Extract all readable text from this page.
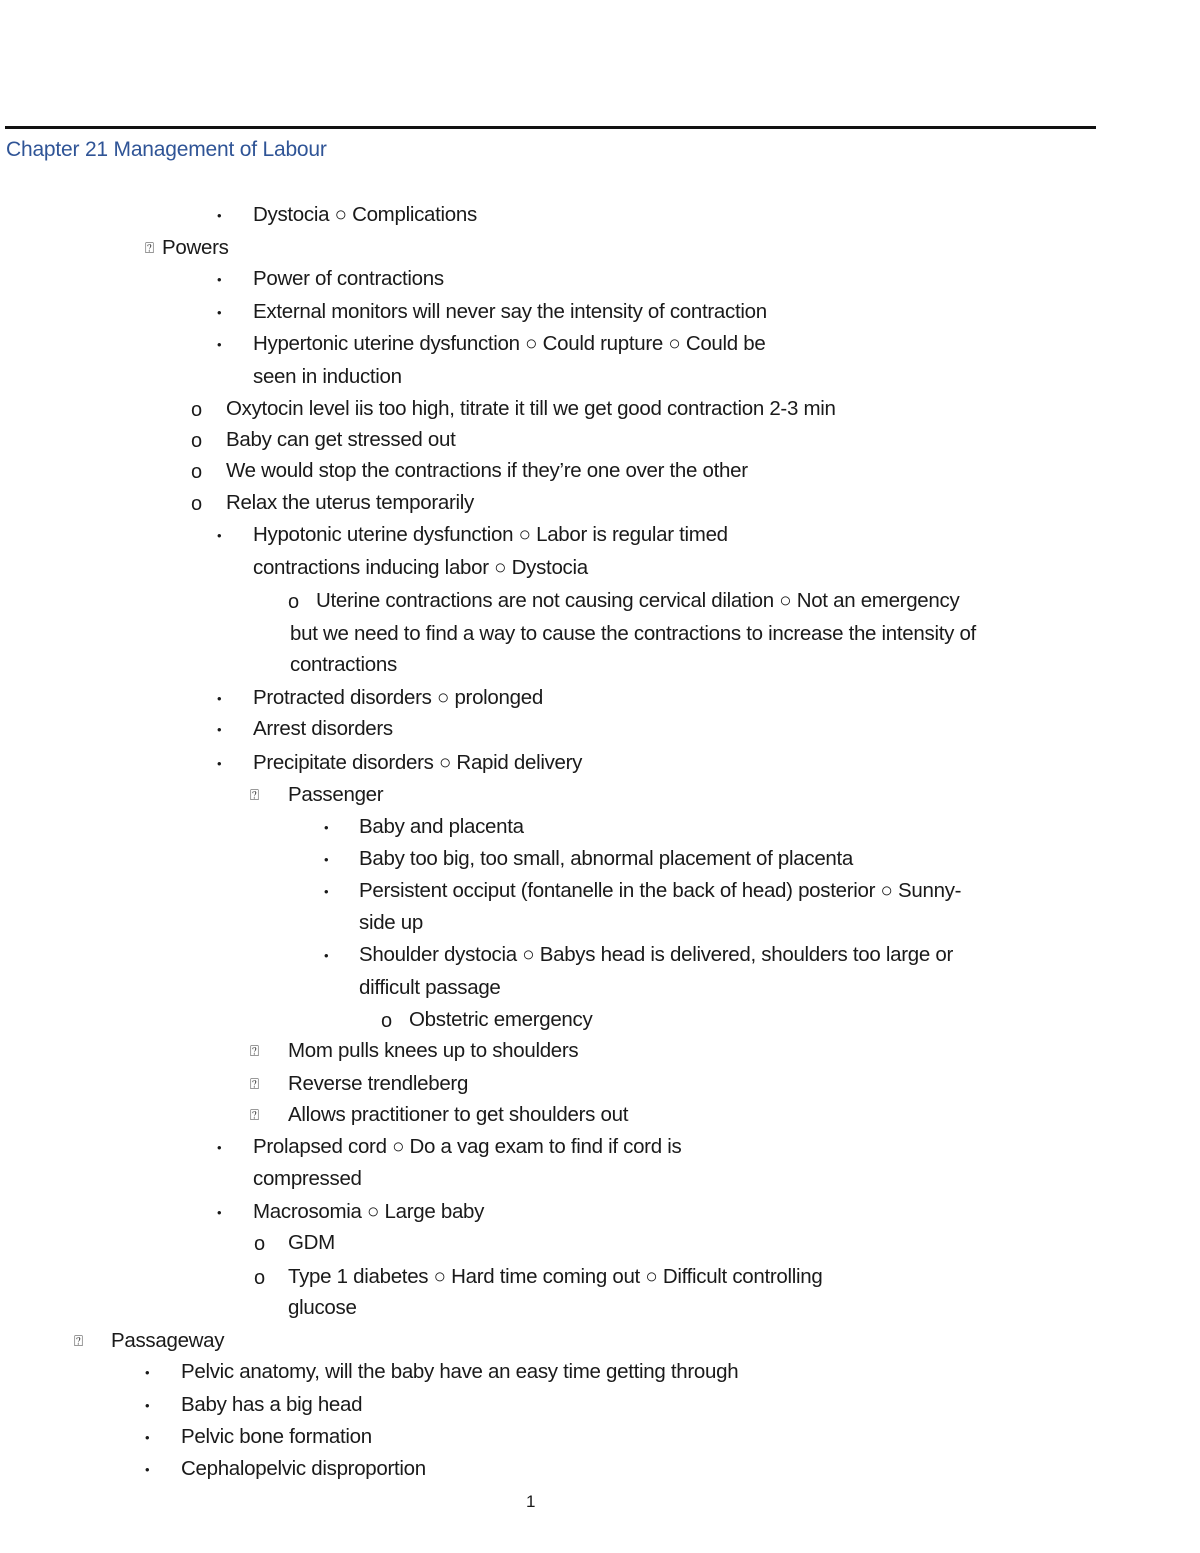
Chapter 21 Management of Labour
•
⍰
•
•
•
o
o
o
o
•
o
•
•
•
⍰
•
•
•
•
o
⍰
⍰
⍰
•
•
o
o
⍰
•
•
•
•
Dystocia ○ Complications
Powers
Power of contractions
External monitors will never say the intensity of contraction
Hypertonic uterine dysfunction ○ Could rupture ○ Could be
seen in induction
Oxytocin level iis too high, titrate it till we get good contraction 2-3 min
Baby can get stressed out
We would stop the contractions if they’re one over the other
Relax the uterus temporarily
Hypotonic uterine dysfunction ○ Labor is regular timed
contractions inducing labor ○ Dystocia
Uterine contractions are not causing cervical dilation ○ Not an emergency
but we need to find a way to cause the contractions to increase the intensity of
contractions
Protracted disorders ○ prolonged
Arrest disorders
Precipitate disorders ○ Rapid delivery
Passenger
Baby and placenta
Baby too big, too small, abnormal placement of placenta
Persistent occiput (fontanelle in the back of head) posterior ○ Sunny-
side up
Shoulder dystocia ○ Babys head is delivered, shoulders too large or
difficult passage
Obstetric emergency
Mom pulls knees up to shoulders
Reverse trendleberg
Allows practitioner to get shoulders out
Prolapsed cord ○ Do a vag exam to find if cord is
compressed
Macrosomia ○ Large baby
GDM
Type 1 diabetes ○ Hard time coming out ○ Difficult controlling
glucose
Passageway
Pelvic anatomy, will the baby have an easy time getting through
Baby has a big head
Pelvic bone formation
Cephalopelvic disproportion
1
